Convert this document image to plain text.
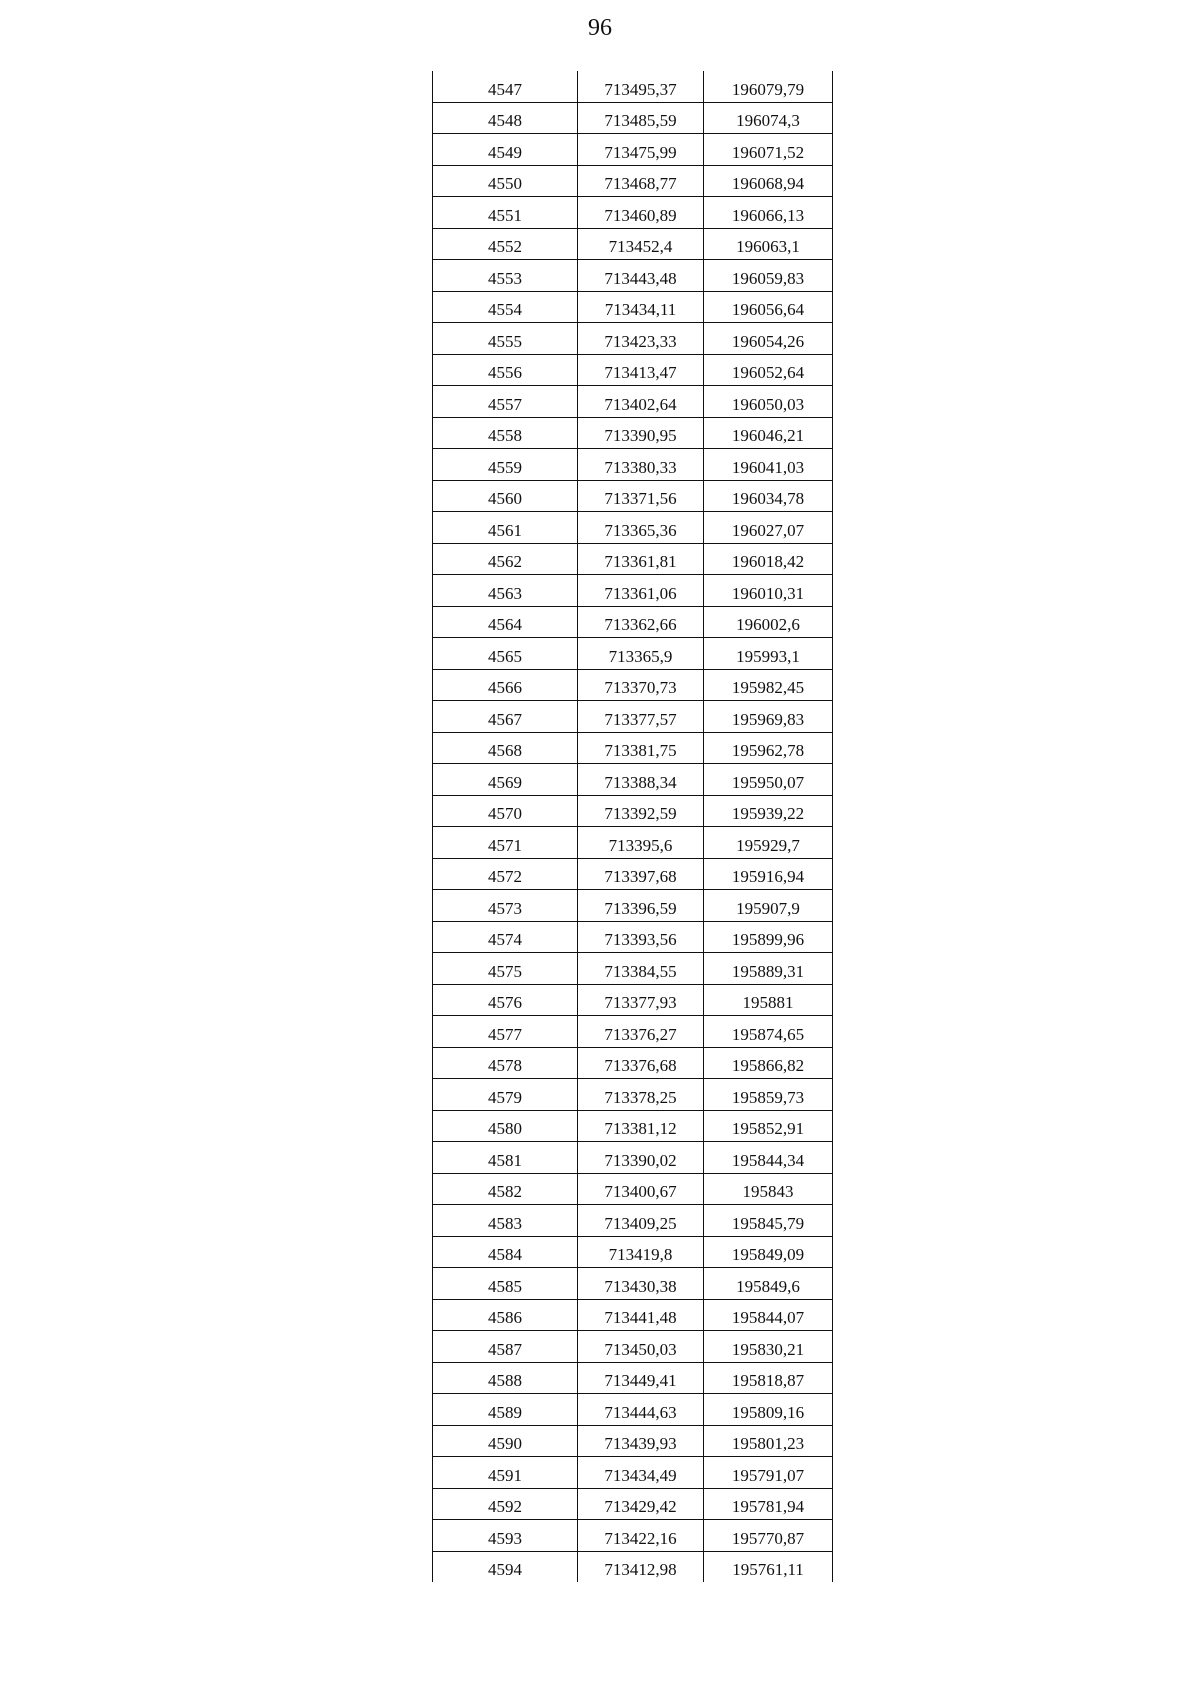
96
4547	713495,37	196079,79
4548	713485,59	196074,3
4549	713475,99	196071,52
4550	713468,77	196068,94
4551	713460,89	196066,13
4552	713452,4	196063,1
4553	713443,48	196059,83
4554	713434,11	196056,64
4555	713423,33	196054,26
4556	713413,47	196052,64
4557	713402,64	196050,03
4558	713390,95	196046,21
4559	713380,33	196041,03
4560	713371,56	196034,78
4561	713365,36	196027,07
4562	713361,81	196018,42
4563	713361,06	196010,31
4564	713362,66	196002,6
4565	713365,9	195993,1
4566	713370,73	195982,45
4567	713377,57	195969,83
4568	713381,75	195962,78
4569	713388,34	195950,07
4570	713392,59	195939,22
4571	713395,6	195929,7
4572	713397,68	195916,94
4573	713396,59	195907,9
4574	713393,56	195899,96
4575	713384,55	195889,31
4576	713377,93	195881
4577	713376,27	195874,65
4578	713376,68	195866,82
4579	713378,25	195859,73
4580	713381,12	195852,91
4581	713390,02	195844,34
4582	713400,67	195843
4583	713409,25	195845,79
4584	713419,8	195849,09
4585	713430,38	195849,6
4586	713441,48	195844,07
4587	713450,03	195830,21
4588	713449,41	195818,87
4589	713444,63	195809,16
4590	713439,93	195801,23
4591	713434,49	195791,07
4592	713429,42	195781,94
4593	713422,16	195770,87
4594	713412,98	195761,11
